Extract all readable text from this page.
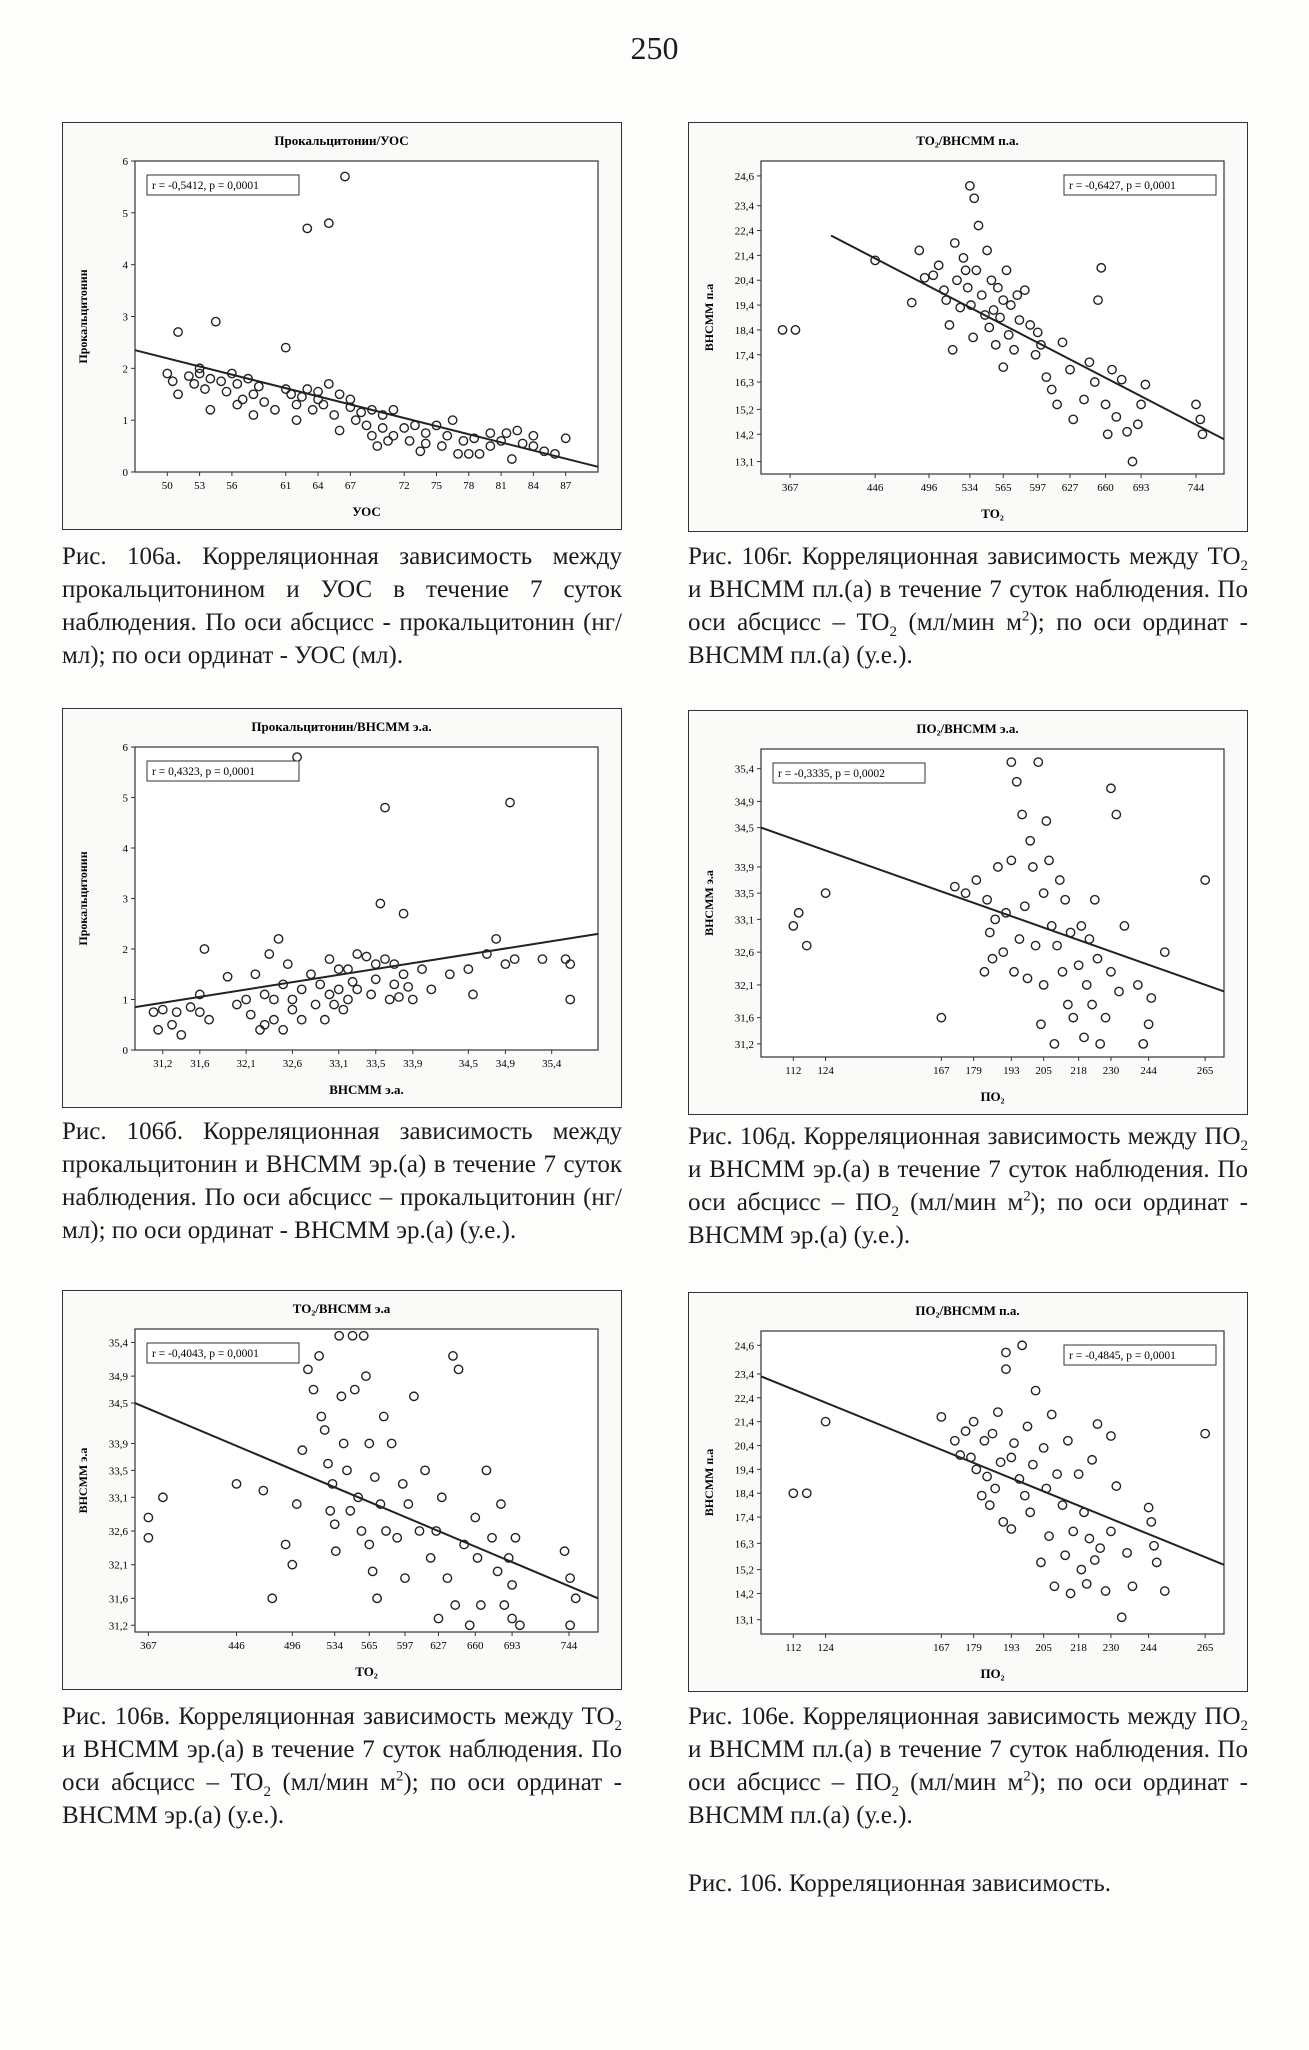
250
Прокальцитонин/УОС
0
1
2
3
4
5
6
50 53 56	61 64 67	72 75 78 81 84 87
УОС
Прокальцитонин
r = -0,5412, p = 0,0001
Прокальцитонин/ВНСММ э.а.
0
1
2
3
4
5
6
31,2 31,6 32,1 32,6 33,1 33,5 33,9	34,5 34,9 35,4
ВНСММ э.а.
Прокальцитонин
r = 0,4323, p = 0,0001
ТО₂/ВНСММ э.а
31,2
31,6
32,1
32,6
33,1
33,5
33,9
34,5
34,9
35,4
367	446	496 534 565 597 627 660 693	744
ТО₂
ВНСММ э.а
r = -0,4043, p = 0,0001
ТО₂/ВНСММ п.а.
13,1
14,2
15,2
16,3
17,4
18,4
19,4
20,4
21,4
22,4
23,4
24,6
367	446	496 534 565 597 627 660 693	744
ТО₂
ВНСММ п.а
r = -0,6427, p = 0,0001
ПО₂/ВНСММ э.а.
31,2
31,6
32,1
32,6
33,1
33,5
33,9
34,5
34,9
35,4
112 124	167 179 193 205 218 230 244	265
ПО₂
ВНСММ э.а
r = -0,3335, p = 0,0002
ПО₂/ВНСММ п.а.
13,1
14,2
15,2
16,3
17,4
18,4
19,4
20,4
21,4
22,4
23,4
24,6
112 124	167 179 193 205 218 230 244	265
ПО₂
ВНСММ п.а
r = -0,4845, p = 0,0001
Рис. 106а. Корреляционная зависимость между прокальцитонином и УОС в течение 7 суток наблюдения. По оси абсцисс - прокальцитонин (нг/мл); по оси ординат - УОС (мл).
Рис. 106б. Корреляционная зависимость между прокальцитонин и ВНСММ эр.(а) в течение 7 суток наблюдения. По оси абсцисс – прокальцитонин (нг/мл); по оси ординат - ВНСММ эр.(а) (у.е.).
Рис. 106в. Корреляционная зависимость между $ТО_2$ и ВНСММ эр.(а) в течение 7 суток наблюдения. По оси абсцисс – $ТО_2$ (мл/мин $м^2$); по оси ординат - ВНСММ эр.(а) (у.е.).
Рис. 106г. Корреляционная зависимость между $ТО_2$ и ВНСММ пл.(а) в течение 7 суток наблюдения. По оси абсцисс – $ТО_2$ (мл/мин $м^2$); по оси ординат - ВНСММ пл.(а) (у.е.).
Рис. 106д. Корреляционная зависимость между $ПО_2$ и ВНСММ эр.(а) в течение 7 суток наблюдения. По оси абсцисс – $ПО_2$ (мл/мин $м^2$); по оси ординат - ВНСММ эр.(а) (у.е.).
Рис. 106е. Корреляционная зависимость между $ПО_2$ и ВНСММ пл.(а) в течение 7 суток наблюдения. По оси абсцисс – $ПО_2$ (мл/мин $м^2$); по оси ординат - ВНСММ пл.(а) (у.е.).
Рис. 106. Корреляционная зависимость.
